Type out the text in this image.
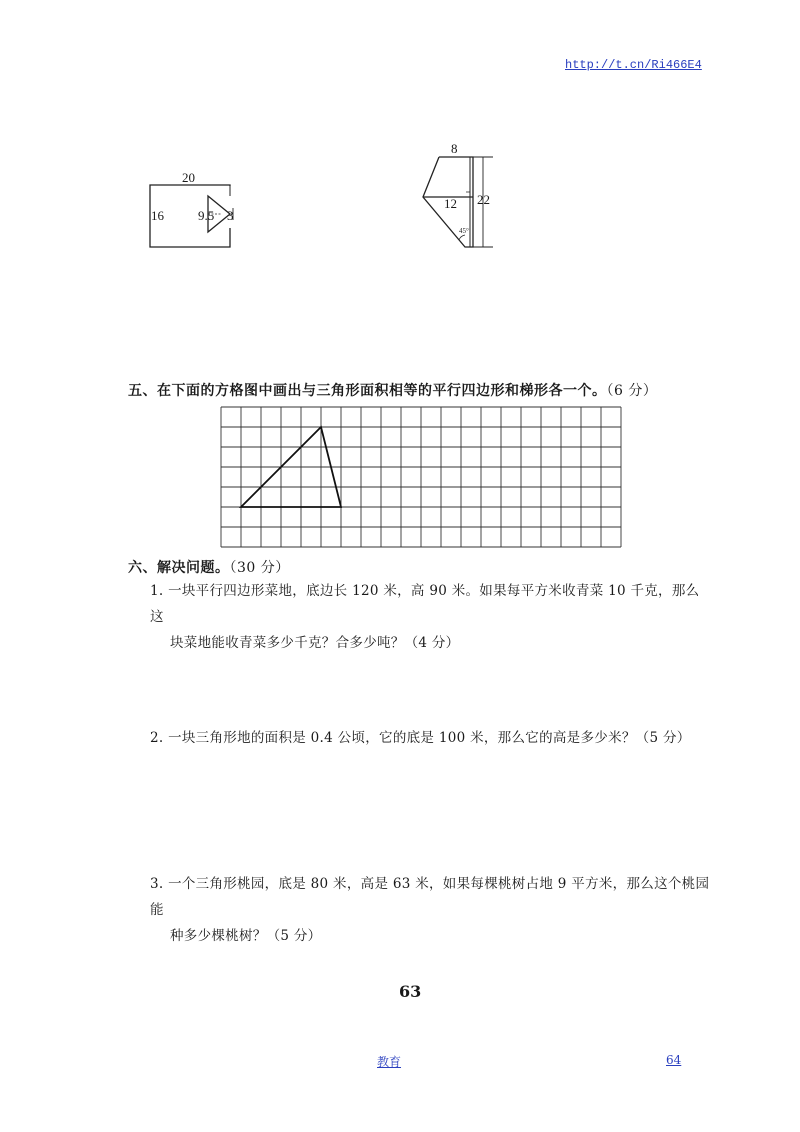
http://t.cn/Ri466E4
20
16	9.5 3
8
12 22
45°
五、在下面的方格图中画出与三角形面积相等的平行四边形和梯形各一个。（6 分）
六、解决问题。（30 分）
1. 一块平行四边形菜地，底边长 120 米，高 90 米。如果每平方米收青菜 10 千克，那么这
块菜地能收青菜多少千克？合多少吨？（4 分）
2. 一块三角形地的面积是 0.4 公顷，它的底是 100 米，那么它的高是多少米？（5 分）
3. 一个三角形桃园，底是 80 米，高是 63 米，如果每棵桃树占地 9 平方米，那么这个桃园能
种多少棵桃树？（5 分）
63
教育	64
